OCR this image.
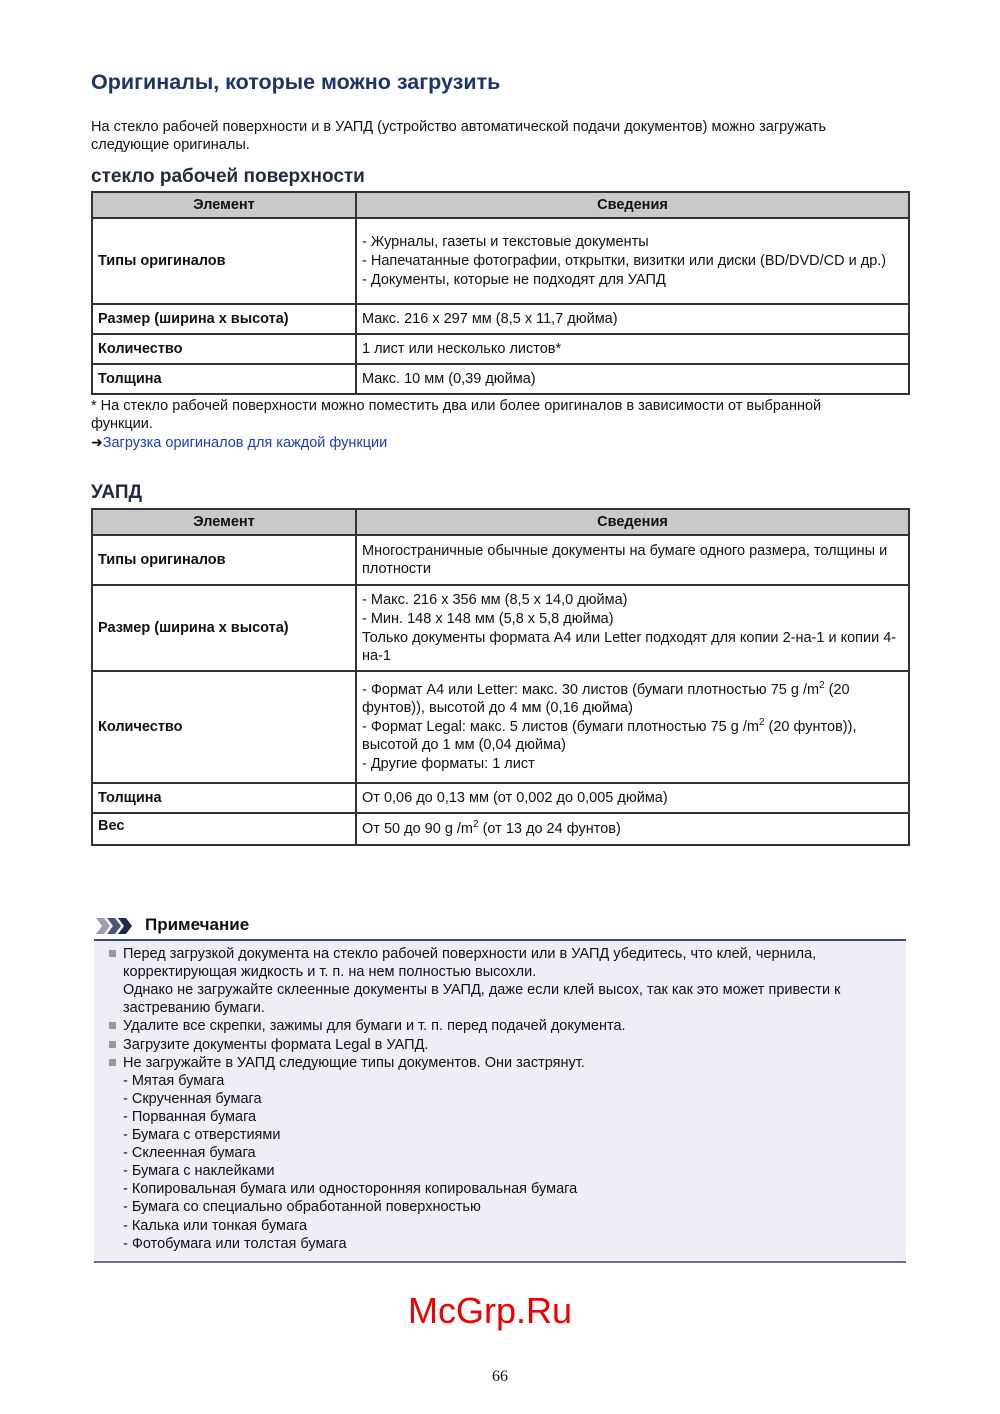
Оригиналы, которые можно загрузить
На стекло рабочей поверхности и в УАПД (устройство автоматической подачи документов) можно загружать
следующие оригиналы.
стекло рабочей поверхности
Элемент	Сведения
Типы оригиналов	- Журналы, газеты и текстовые документы
- Напечатанные фотографии, открытки, визитки или диски (BD/DVD/CD и др.)
- Документы, которые не подходят для УАПД

Размер (ширина x высота)	Макс. 216 x 297 мм (8,5 x 11,7 дюйма)

Количество	1 лист или несколько листов*

Толщина	Макс. 10 мм (0,39 дюйма)
* На стекло рабочей поверхности можно поместить два или более оригиналов в зависимости от выбранной
функции.
➜Загрузка оригиналов для каждой функции
УАПД
Элемент	Сведения
Типы оригиналов	Многостраничные обычные документы на бумаге одного размера, толщины и плотности

Размер (ширина x высота)	- Макс. 216 x 356 мм (8,5 x 14,0 дюйма)
- Мин. 148 x 148 мм (5,8 x 5,8 дюйма)
Только документы формата A4 или Letter подходят для копии 2-на-1 и копии 4-на-1

Количество	- Формат A4 или Letter: макс. 30 листов (бумаги плотностью 75 g $/m^2$ (20 фунтов)), высотой до 4 мм (0,16 дюйма)
- Формат Legal: макс. 5 листов (бумаги плотностью 75 g $/m^2$ (20 фунтов)), высотой до 1 мм (0,04 дюйма)
- Другие форматы: 1 лист

Толщина	От 0,06 до 0,13 мм (от 0,002 до 0,005 дюйма)

Вес	От 50 до 90 g $/m^2$ (от 13 до 24 фунтов)
McGrp.Ru
Примечание
Перед загрузкой документа на стекло рабочей поверхности или в УАПД убедитесь, что клей, чернила,
корректирующая жидкость и т. п. на нем полностью высохли.
Однако не загружайте склеенные документы в УАПД, даже если клей высох, так как это может привести к
застреванию бумаги.
Удалите все скрепки, зажимы для бумаги и т. п. перед подачей документа.
Загрузите документы формата Legal в УАПД.
Не загружайте в УАПД следующие типы документов. Они застрянут.
- Мятая бумага
- Скрученная бумага
- Порванная бумага
- Бумага с отверстиями
- Склеенная бумага
- Бумага с наклейками
- Копировальная бумага или односторонняя копировальная бумага
- Бумага со специально обработанной поверхностью
- Калька или тонкая бумага
- Фотобумага или толстая бумага
66
